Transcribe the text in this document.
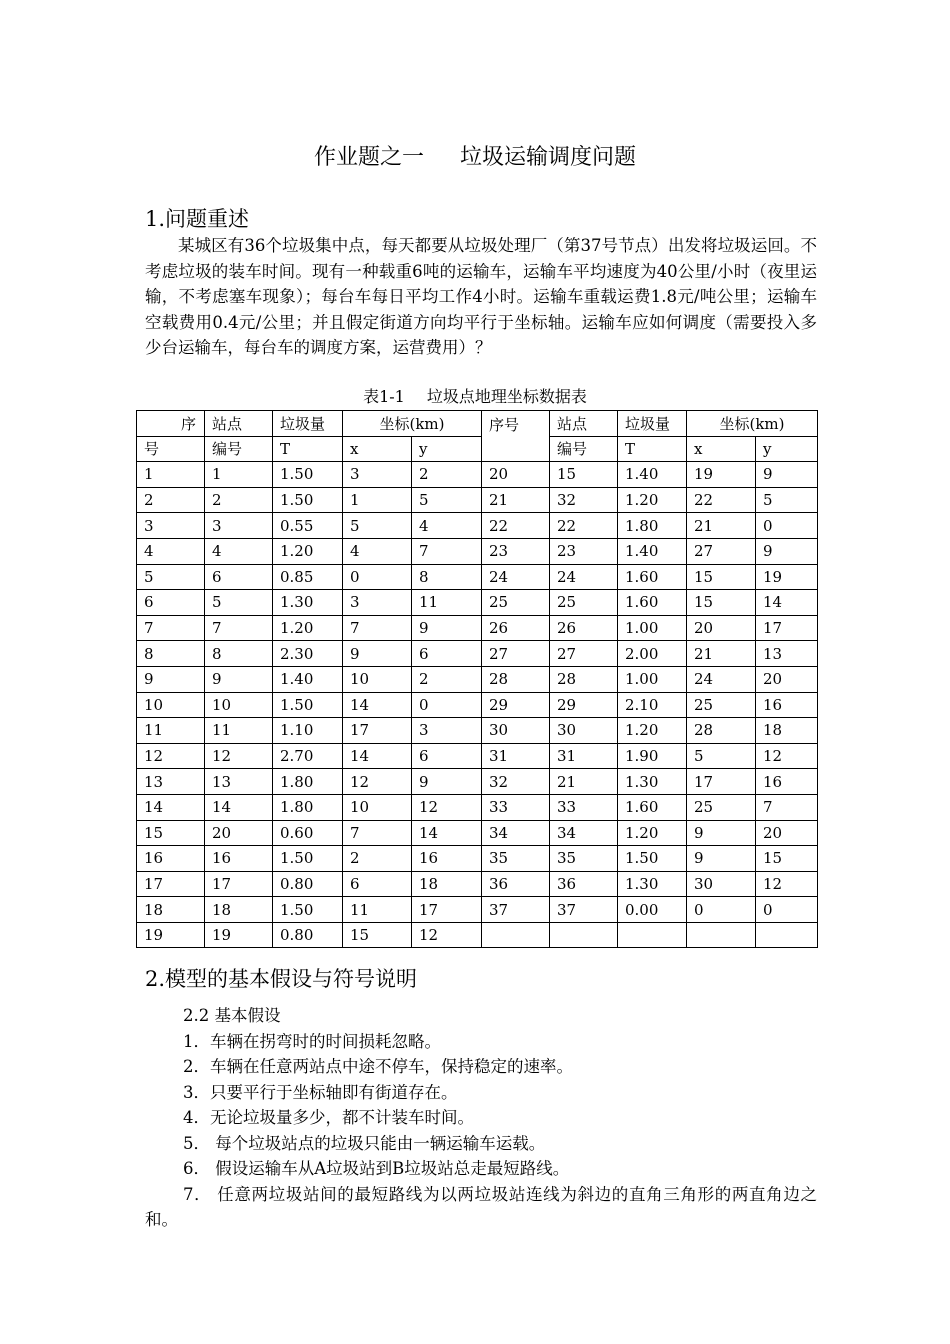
作业题之一 垃圾运输调度问题
1.问题重述

某城区有36个垃圾集中点，每天都要从垃圾处理厂（第37号节点）出发将垃圾运回。不考虑垃圾的装车时间。现有一种载重6吨的运输车，运输车平均速度为40公里/小时（夜里运输，不考虑塞车现象）；每台车每日平均工作4小时。运输车重载运费1.8元/吨公里；运输车空载费用0.4元/公里；并且假定街道方向均平行于坐标轴。运输车应如何调度（需要投入多少台运输车，每台车的调度方案，运营费用）？

表1-1 垃圾点地理坐标数据表
序	站点	垃圾量	坐标(km)		序号	站点	垃圾量	坐标(km)	
号	编号	T	x	y		编号	T	x	y
1	1	1.50	3	2	20	15	1.40	19	9
2	2	1.50	1	5	21	32	1.20	22	5
3	3	0.55	5	4	22	22	1.80	21	0
4	4	1.20	4	7	23	23	1.40	27	9
5	6	0.85	0	8	24	24	1.60	15	19
6	5	1.30	3	11	25	25	1.60	15	14
7	7	1.20	7	9	26	26	1.00	20	17
8	8	2.30	9	6	27	27	2.00	21	13
9	9	1.40	10	2	28	28	1.00	24	20
10	10	1.50	14	0	29	29	2.10	25	16
11	11	1.10	17	3	30	30	1.20	28	18
12	12	2.70	14	6	31	31	1.90	5	12
13	13	1.80	12	9	32	21	1.30	17	16
14	14	1.80	10	12	33	33	1.60	25	7
15	20	0.60	7	14	34	34	1.20	9	20
16	16	1.50	2	16	35	35	1.50	9	15
17	17	0.80	6	18	36	36	1.30	30	12
18	18	1.50	11	17	37	37	0.00	0	0
19	19	0.80	15	12					
2.模型的基本假设与符号说明
2.2 基本假设
1．车辆在拐弯时的时间损耗忽略。
2．车辆在任意两站点中途不停车，保持稳定的速率。
3．只要平行于坐标轴即有街道存在。
4．无论垃圾量多少，都不计装车时间。
5． 每个垃圾站点的垃圾只能由一辆运输车运载。
6． 假设运输车从A垃圾站到B垃圾站总走最短路线。
7． 任意两垃圾站间的最短路线为以两垃圾站连线为斜边的直角三角形的两直角边之和。
